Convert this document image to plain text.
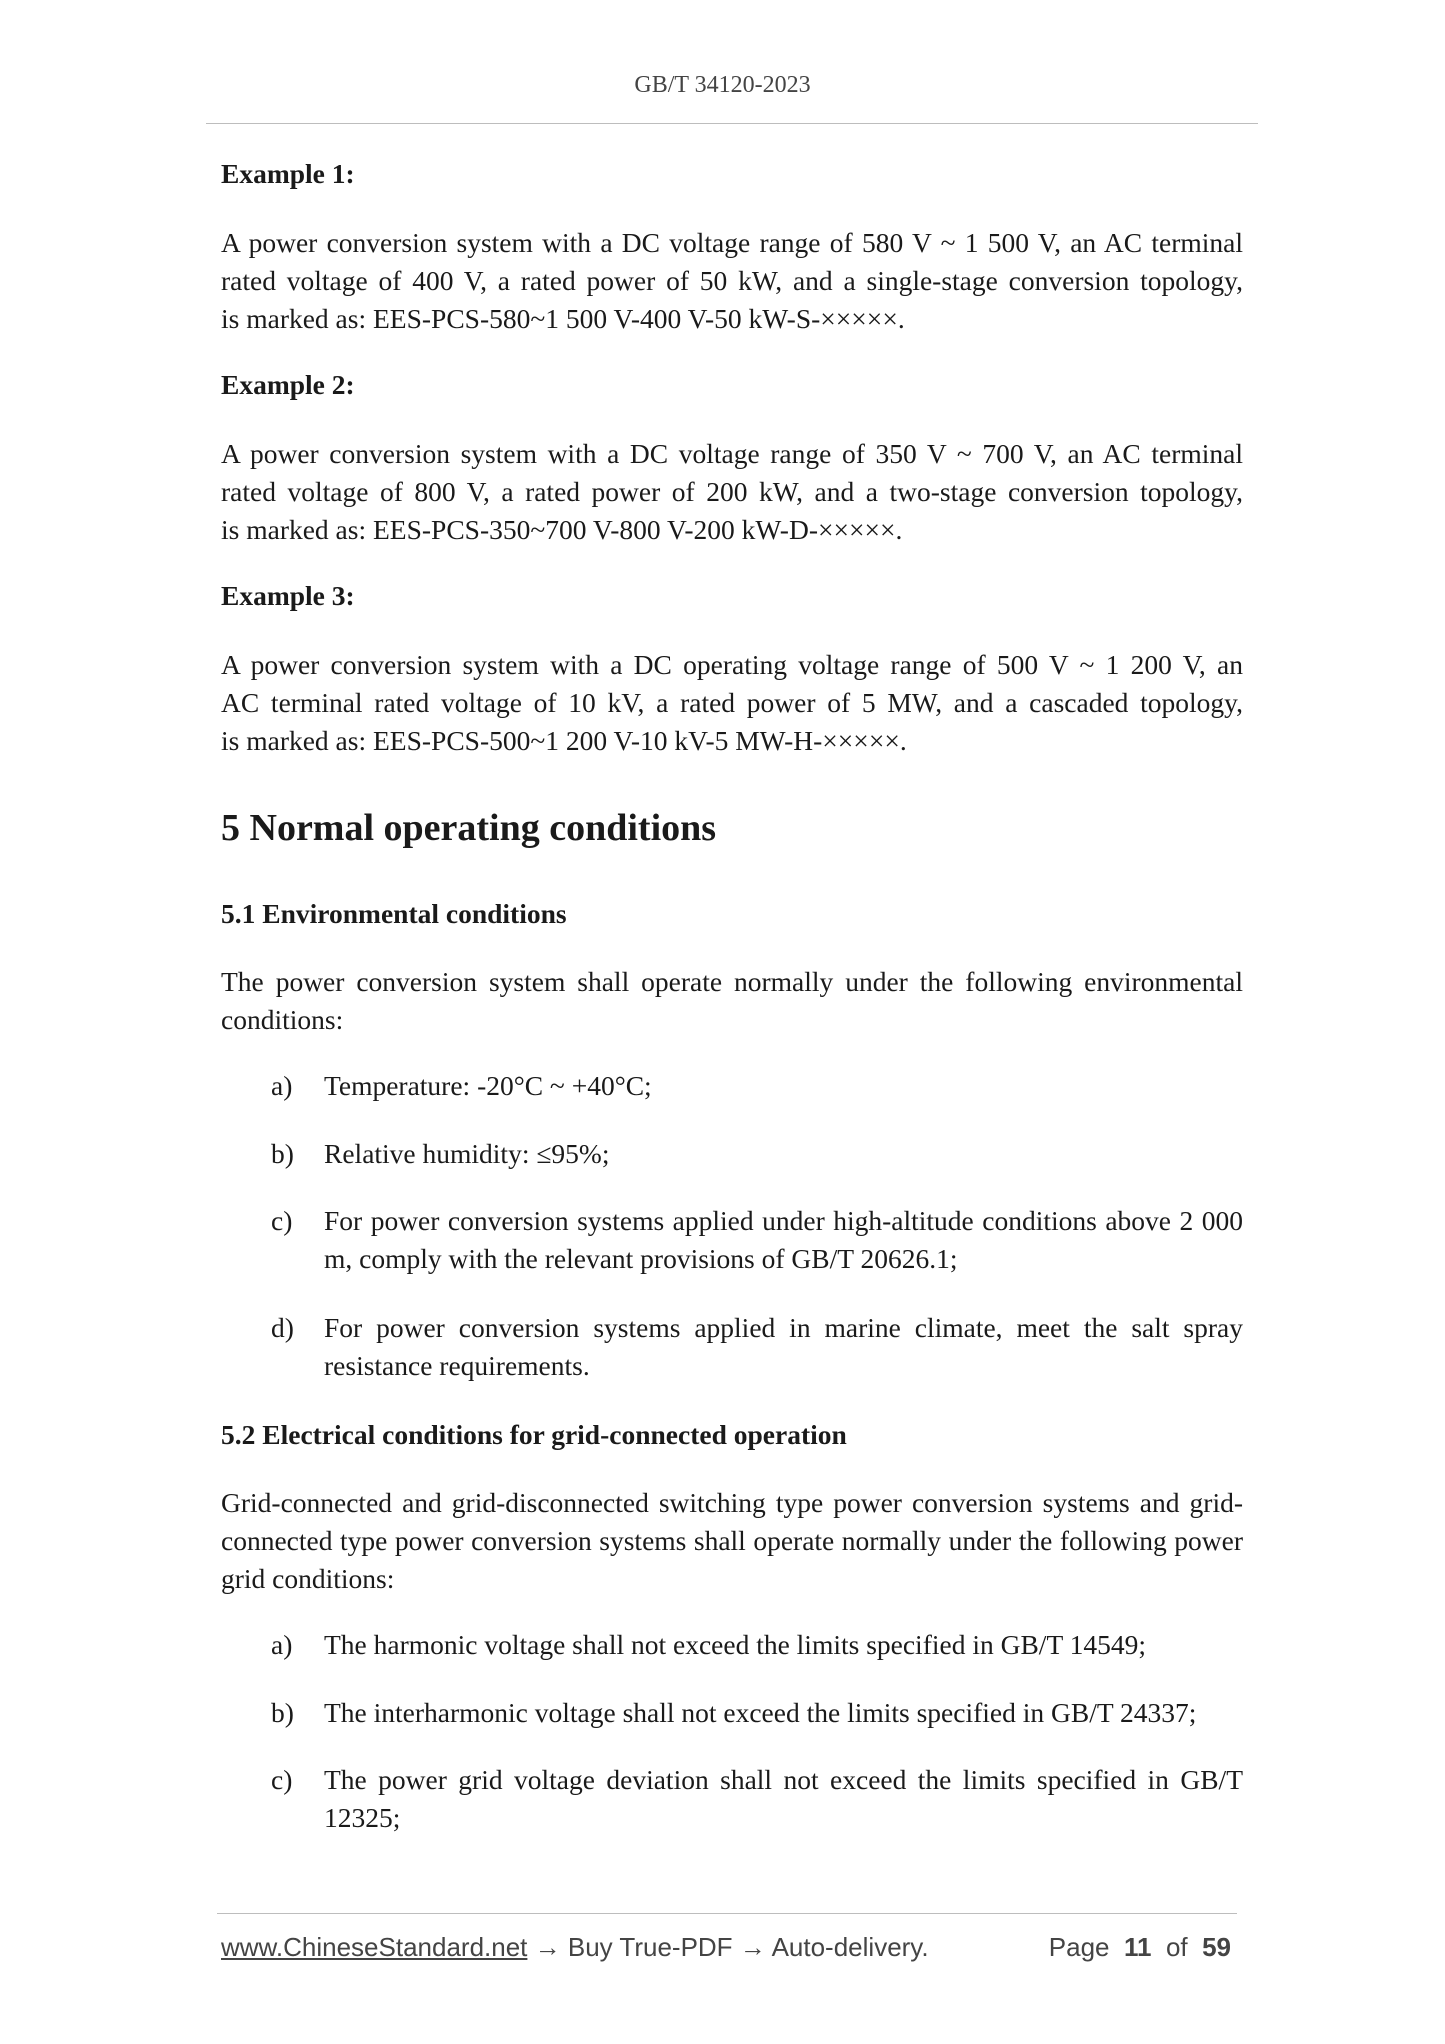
GB/T 34120-2023
Example 1:
A power conversion system with a DC voltage range of 580 V ~ 1 500 V, an AC terminal
rated voltage of 400 V, a rated power of 50 kW, and a single-stage conversion topology,
is marked as: EES-PCS-580~1 500 V-400 V-50 kW-S-×××××.
Example 2:
A power conversion system with a DC voltage range of 350 V ~ 700 V, an AC terminal
rated voltage of 800 V, a rated power of 200 kW, and a two-stage conversion topology,
is marked as: EES-PCS-350~700 V-800 V-200 kW-D-×××××.
Example 3:
A power conversion system with a DC operating voltage range of 500 V ~ 1 200 V, an
AC terminal rated voltage of 10 kV, a rated power of 5 MW, and a cascaded topology,
is marked as: EES-PCS-500~1 200 V-10 kV-5 MW-H-×××××.
5 Normal operating conditions
5.1 Environmental conditions

The power conversion system shall operate normally under the following environmental conditions:

a) Temperature: -20°C ~ +40°C;
b) Relative humidity: ≤95%;
c) For power conversion systems applied under high-altitude conditions above 2 000 m, comply with the relevant provisions of GB/T 20626.1;
d) For power conversion systems applied in marine climate, meet the salt spray resistance requirements.
5.2 Electrical conditions for grid-connected operation

Grid-connected and grid-disconnected switching type power conversion systems and grid-connected type power conversion systems shall operate normally under the following power grid conditions:

a) The harmonic voltage shall not exceed the limits specified in GB/T 14549;
b) The interharmonic voltage shall not exceed the limits specified in GB/T 24337;
c) The power grid voltage deviation shall not exceed the limits specified in GB/T 12325;
www.ChineseStandard.net → Buy True-PDF → Auto-delivery.	Page 11 of 59
